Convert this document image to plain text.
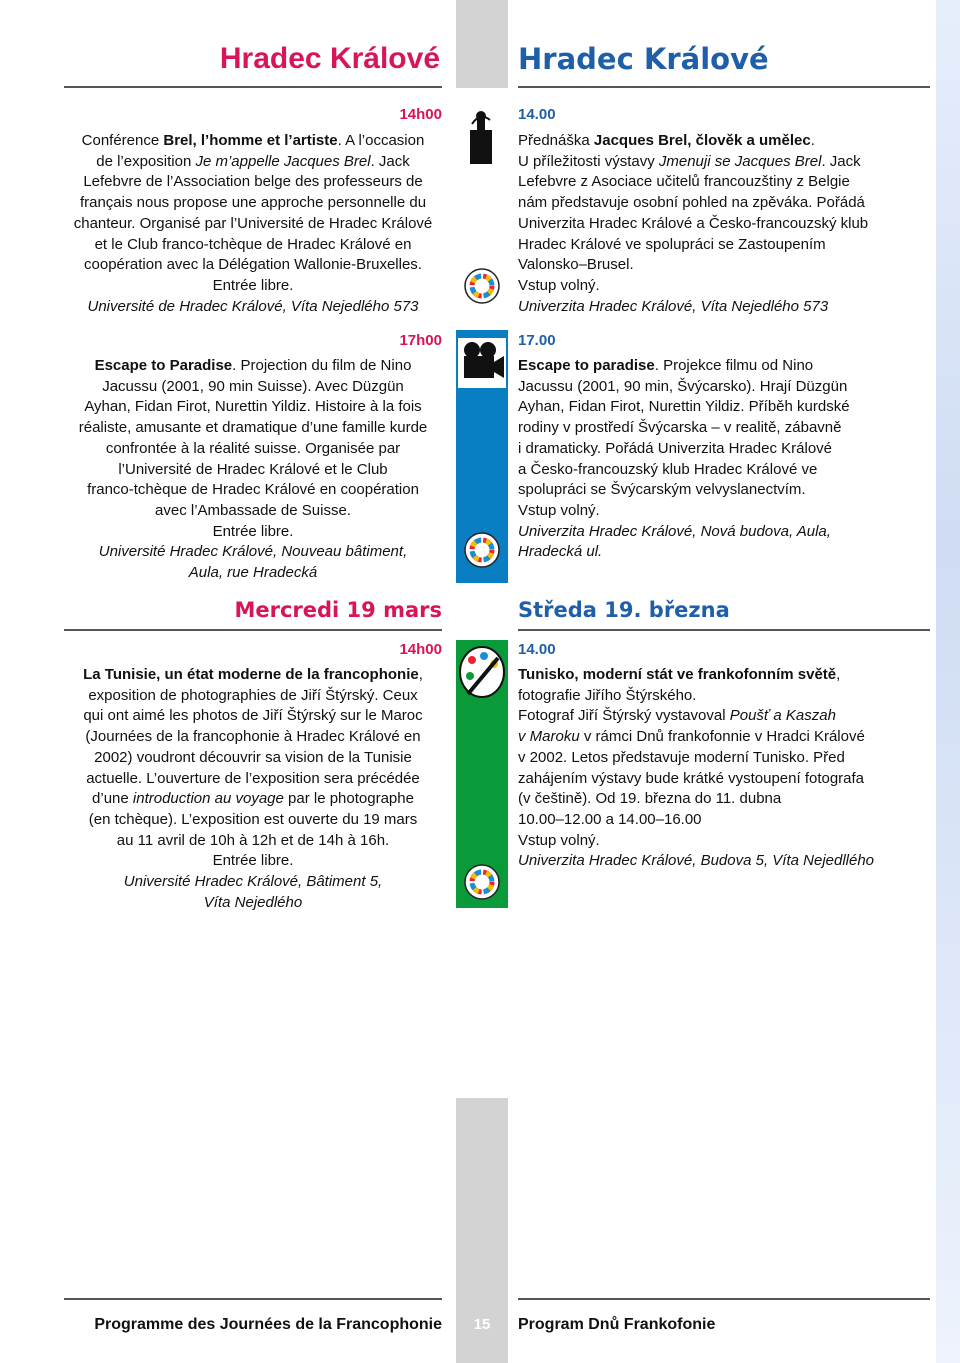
Hradec Králové	Hradec Králové
14h00	14.00
Conférence Brel, l’homme et l’artiste. A l’occasion
de l’exposition Je m’appelle Jacques Brel. Jack
Lefebvre de l’Association belge des professeurs de
français nous propose une approche personnelle du
chanteur. Organisé par l’Université de Hradec Králové
et le Club franco-tchèque de Hradec Králové en
coopération avec la Délégation Wallonie-Bruxelles.
Entrée libre.
Université de Hradec Králové, Víta Nejedlého 573
Přednáška Jacques Brel, člověk a umělec.
U příležitosti výstavy Jmenuji se Jacques Brel. Jack
Lefebvre z Asociace učitelů francouzštiny z Belgie
nám představuje osobní pohled na zpěváka. Pořádá
Univerzita Hradec Králové a Česko-francouzský klub
Hradec Králové ve spolupráci se Zastoupením
Valonsko–Brusel.
Vstup volný.
Univerzita Hradec Králové, Víta Nejedlého 573
17h00	17.00
Escape to Paradise. Projection du film de Nino
Jacussu (2001, 90 min Suisse). Avec Düzgün
Ayhan, Fidan Firot, Nurettin Yildiz. Histoire à la fois
réaliste, amusante et dramatique d’une famille kurde
confrontée à la réalité suisse. Organisée par
l’Université de Hradec Králové et le Club
franco-tchèque de Hradec Králové en coopération
avec l’Ambassade de Suisse.
Entrée libre.
Université Hradec Králové, Nouveau bâtiment,
Aula, rue Hradecká
Escape to paradise. Projekce filmu od Nino
Jacussu (2001, 90 min, Švýcarsko). Hrají Düzgün
Ayhan, Fidan Firot, Nurettin Yildiz. Příběh kurdské
rodiny v prostředí Švýcarska – v realitě, zábavně
i dramaticky. Pořádá Univerzita Hradec Králové
a Česko-francouzský klub Hradec Králové ve
spolupráci se Švýcarským velvyslanectvím.
Vstup volný.
Univerzita Hradec Králové, Nová budova, Aula,
Hradecká ul.
Mercredi 19 mars	Středa 19. března
14h00	14.00
La Tunisie, un état moderne de la francophonie,
exposition de photographies de Jiří Štýrský. Ceux
qui ont aimé les photos de Jiří Štýrský sur le Maroc
(Journées de la francophonie à Hradec Králové en
2002) voudront découvrir sa vision de la Tunisie
actuelle. L’ouverture de l’exposition sera précédée
d’une introduction au voyage par le photographe
(en tchèque). L’exposition est ouverte du 19 mars
au 11 avril de 10h à 12h et de 14h à 16h.
Entrée libre.
Université Hradec Králové, Bâtiment 5,
Víta Nejedlého
Tunisko, moderní stát ve frankofonním světě,
fotografie Jiřího Štýrského.
Fotograf Jiří Štýrský vystavoval Poušť a Kaszah
v Maroku v rámci Dnů frankofonnie v Hradci Králové
v 2002. Letos představuje moderní Tunisko. Před
zahájením výstavy bude krátké vystoupení fotografa
(v češtině). Od 19. března do 11. dubna
10.00–12.00 a 14.00–16.00
Vstup volný.
Univerzita Hradec Králové, Budova 5, Víta Nejedllého
Programme des Journées de la Francophonie	15	Program Dnů Frankofonie
